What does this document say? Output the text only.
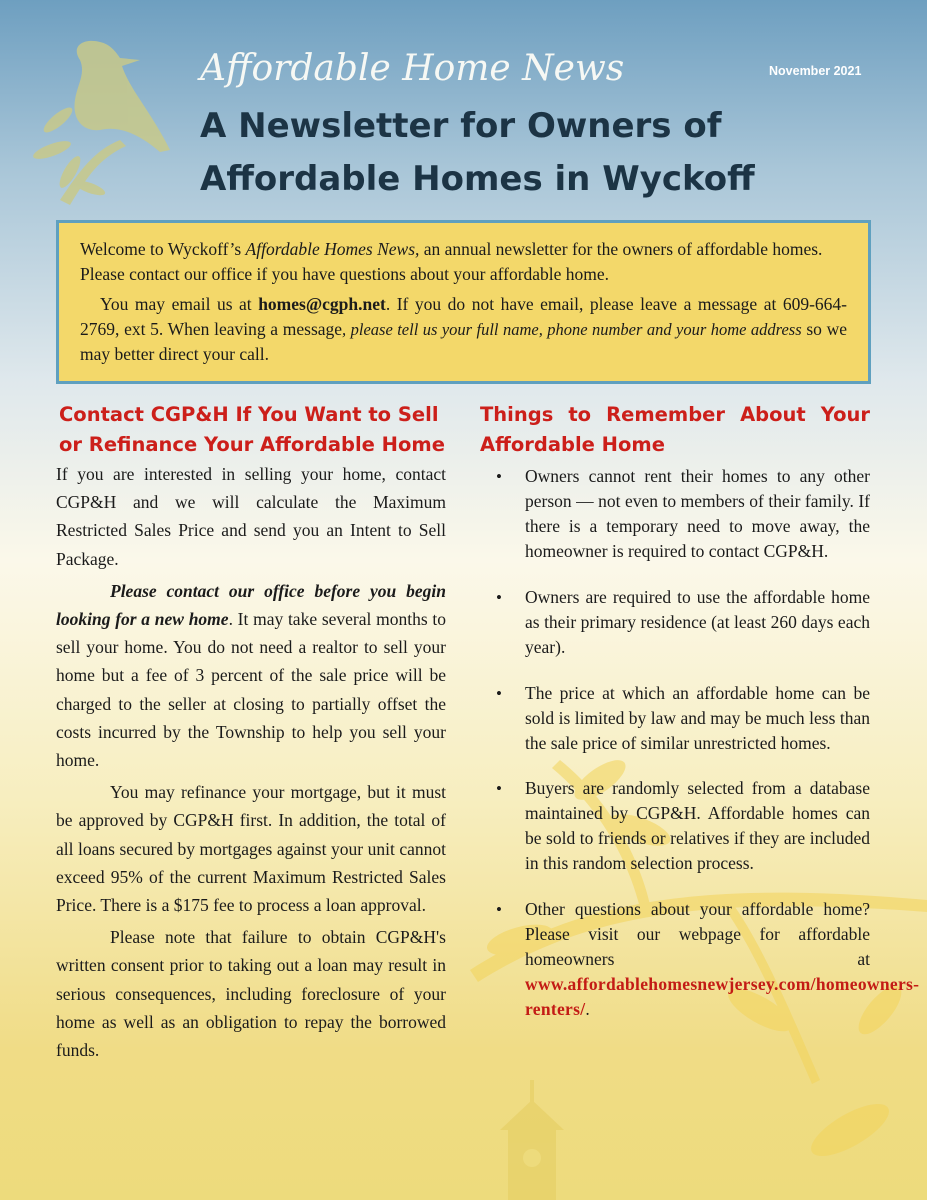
Affordable Home News	November 2021
A Newsletter for Owners of Affordable Homes in Wyckoff

Welcome to Wyckoff’s Affordable Homes News, an annual newsletter for the owners of affordable homes. Please contact our office if you have questions about your affordable home.

You may email us at homes@cgph.net. If you do not have email, please leave a message at 609-664-2769, ext 5. When leaving a message, please tell us your full name, phone number and your home address so we may better direct your call.

Contact CGP&H If You Want to Sell or Refinance Your Affordable Home

If you are interested in selling your home, contact CGP&H and we will calculate the Maximum Restricted Sales Price and send you an Intent to Sell Package.

Please contact our office before you begin looking for a new home. It may take several months to sell your home. You do not need a realtor to sell your home but a fee of 3 percent of the sale price will be charged to the seller at closing to partially offset the costs incurred by the Township to help you sell your home.

You may refinance your mortgage, but it must be approved by CGP&H first. In addition, the total of all loans secured by mortgages against your unit cannot exceed 95% of the current Maximum Restricted Sales Price. There is a $175 fee to process a loan approval.

Please note that failure to obtain CGP&H's written consent prior to taking out a loan may result in serious consequences, including foreclosure of your home as well as an obligation to repay the borrowed funds.

Things to Remember About Your Affordable Home
• Owners cannot rent their homes to any other person — not even to members of their family. If there is a temporary need to move away, the homeowner is required to contact CGP&H.
• Owners are required to use the affordable home as their primary residence (at least 260 days each year).
• The price at which an affordable home can be sold is limited by law and may be much less than the sale price of similar unrestricted homes.
• Buyers are randomly selected from a database maintained by CGP&H. Affordable homes can be sold to friends or relatives if they are included in this random selection process.
• Other questions about your affordable home? Please visit our webpage for affordable homeowners at www.affordablehomesnewjersey.com/homeowners-renters/.
